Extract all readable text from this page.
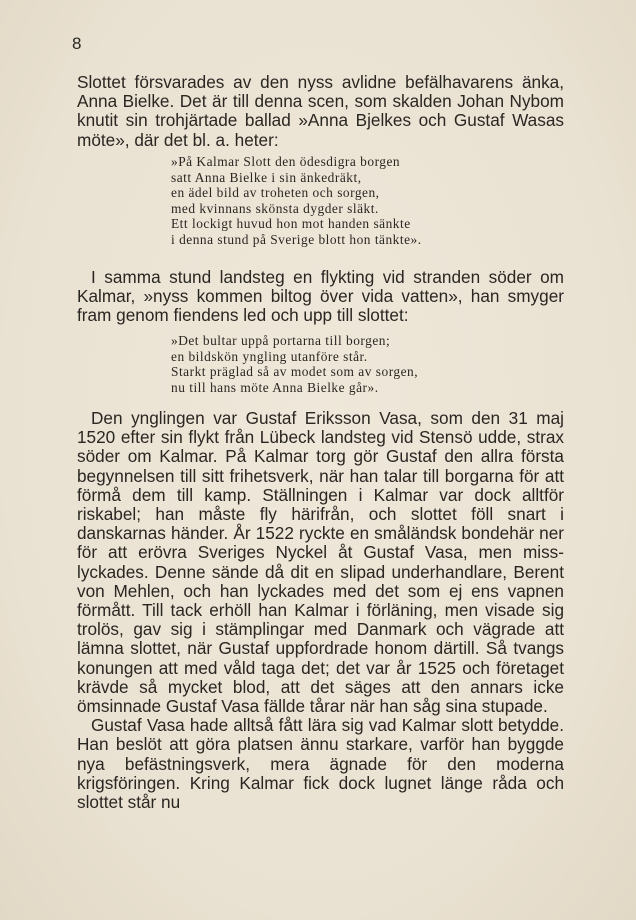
8

Slottet försvarades av den nyss avlidne befälhavarens änka, Anna Bielke. Det är till denna scen, som skalden Johan Nybom knutit sin trohjärtade ballad »Anna Bjelkes och Gustaf Wasas möte», där det bl. a. heter:

»På Kalmar Slott den ödesdigra borgen
satt Anna Bielke i sin änkedräkt,
en ädel bild av troheten och sorgen,
med kvinnans skönsta dygder släkt.
Ett lockigt huvud hon mot handen sänkte
i denna stund på Sverige blott hon tänkte».

I samma stund landsteg en flykting vid stranden söder om Kalmar, »nyss kommen biltog över vida vatten», han smyger fram genom fiendens led och upp till slottet:

»Det bultar uppå portarna till borgen;
en bildskön yngling utanföre står.
Starkt präglad så av modet som av sorgen,
nu till hans möte Anna Bielke går».

Den ynglingen var Gustaf Eriksson Vasa, som den 31 maj 1520 efter sin flykt från Lübeck landsteg vid Stensö udde, strax söder om Kalmar. På Kalmar torg gör Gustaf den allra första begynnelsen till sitt frihetsverk, när han talar till borgarna för att förmå dem till kamp. Ställningen i Kalmar var dock alltför riskabel; han måste fly härifrån, och slottet föll snart i danskarnas händer. År 1522 ryckte en småländsk bondehär ner för att erövra Sveriges Nyckel åt Gustaf Vasa, men miss- lyckades. Denne sände då dit en slipad underhandlare, Berent von Mehlen, och han lyckades med det som ej ens vapnen förmått. Till tack erhöll han Kalmar i förläning, men visade sig trolös, gav sig i stämplingar med Danmark och vägrade att lämna slottet, när Gustaf uppfordrade honom därtill. Så tvangs konungen att med våld taga det; det var år 1525 och företaget krävde så mycket blod, att det säges att den annars icke ömsinnade Gustaf Vasa fällde tårar när han såg sina stupade.

Gustaf Vasa hade alltså fått lära sig vad Kalmar slott betydde. Han beslöt att göra platsen ännu starkare, varför han byggde nya befästningsverk, mera ägnade för den moderna krigsföringen. Kring Kalmar fick dock lugnet länge råda och slottet står nu
